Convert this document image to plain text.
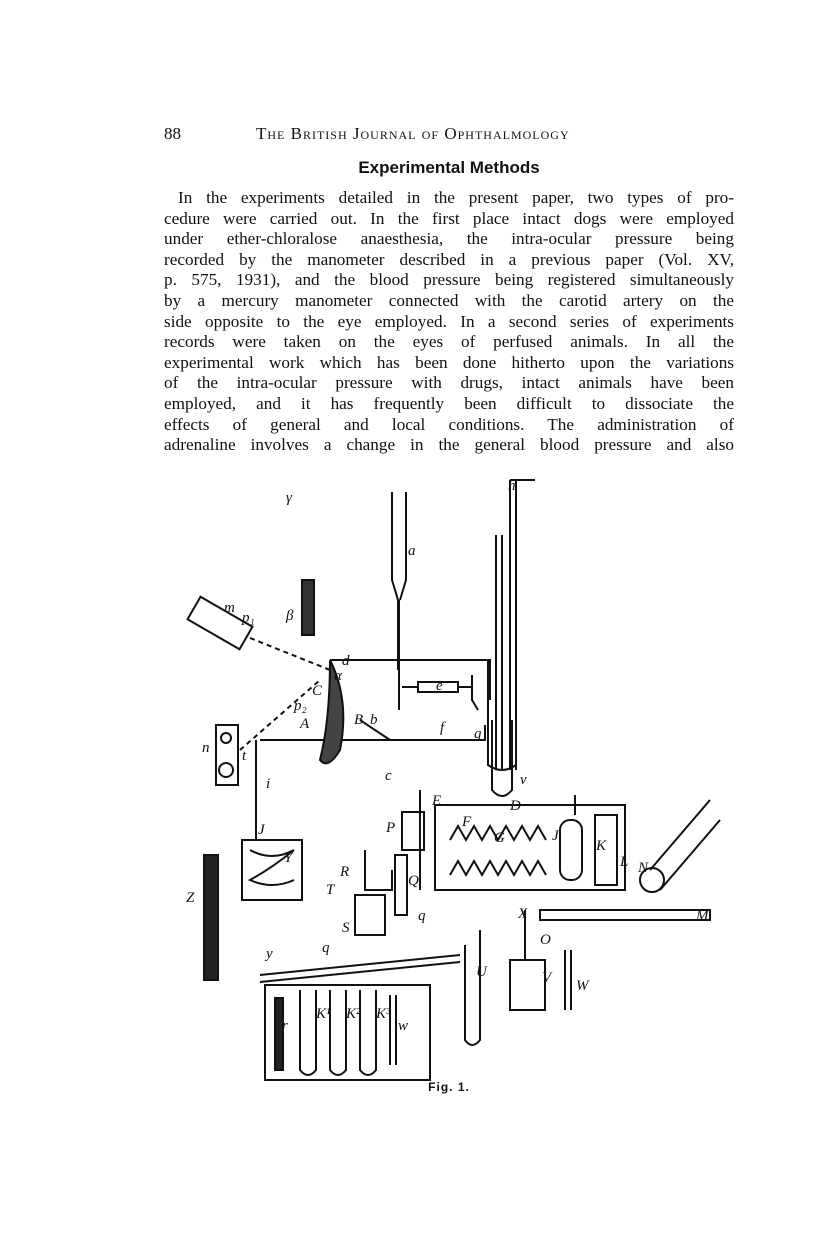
88	The British Journal of Ophthalmology
Experimental Methods
In the experiments detailed in the present paper, two types of pro-
cedure were carried out. In the first place intact dogs were employed
under ether-chloralose anaesthesia, the intra-ocular pressure being
recorded by the manometer described in a previous paper (Vol. XV,
p. 575, 1931), and the blood pressure being registered simultaneously
by a mercury manometer connected with the carotid artery on the
side opposite to the eye employed. In a second series of experiments
records were taken on the eyes of perfused animals. In all the
experimental work which has been done hitherto upon the variations
of the intra-ocular pressure with drugs, intact animals have been
employed, and it has frequently been difficult to dissociate the
effects of general and local conditions. The administration of
adrenaline involves a change in the general blood pressure and also
γ
β
a
h
m
p₁
d
α
C
p₂
A	B b
e
f g
n t
i	c	v
D
E
P	F
G	J
K
L N
J
Y
R
Q
T
Z
S
q	X	M
O
y	q
U	V W
r
K¹ K² K³
w
Fig. 1.
